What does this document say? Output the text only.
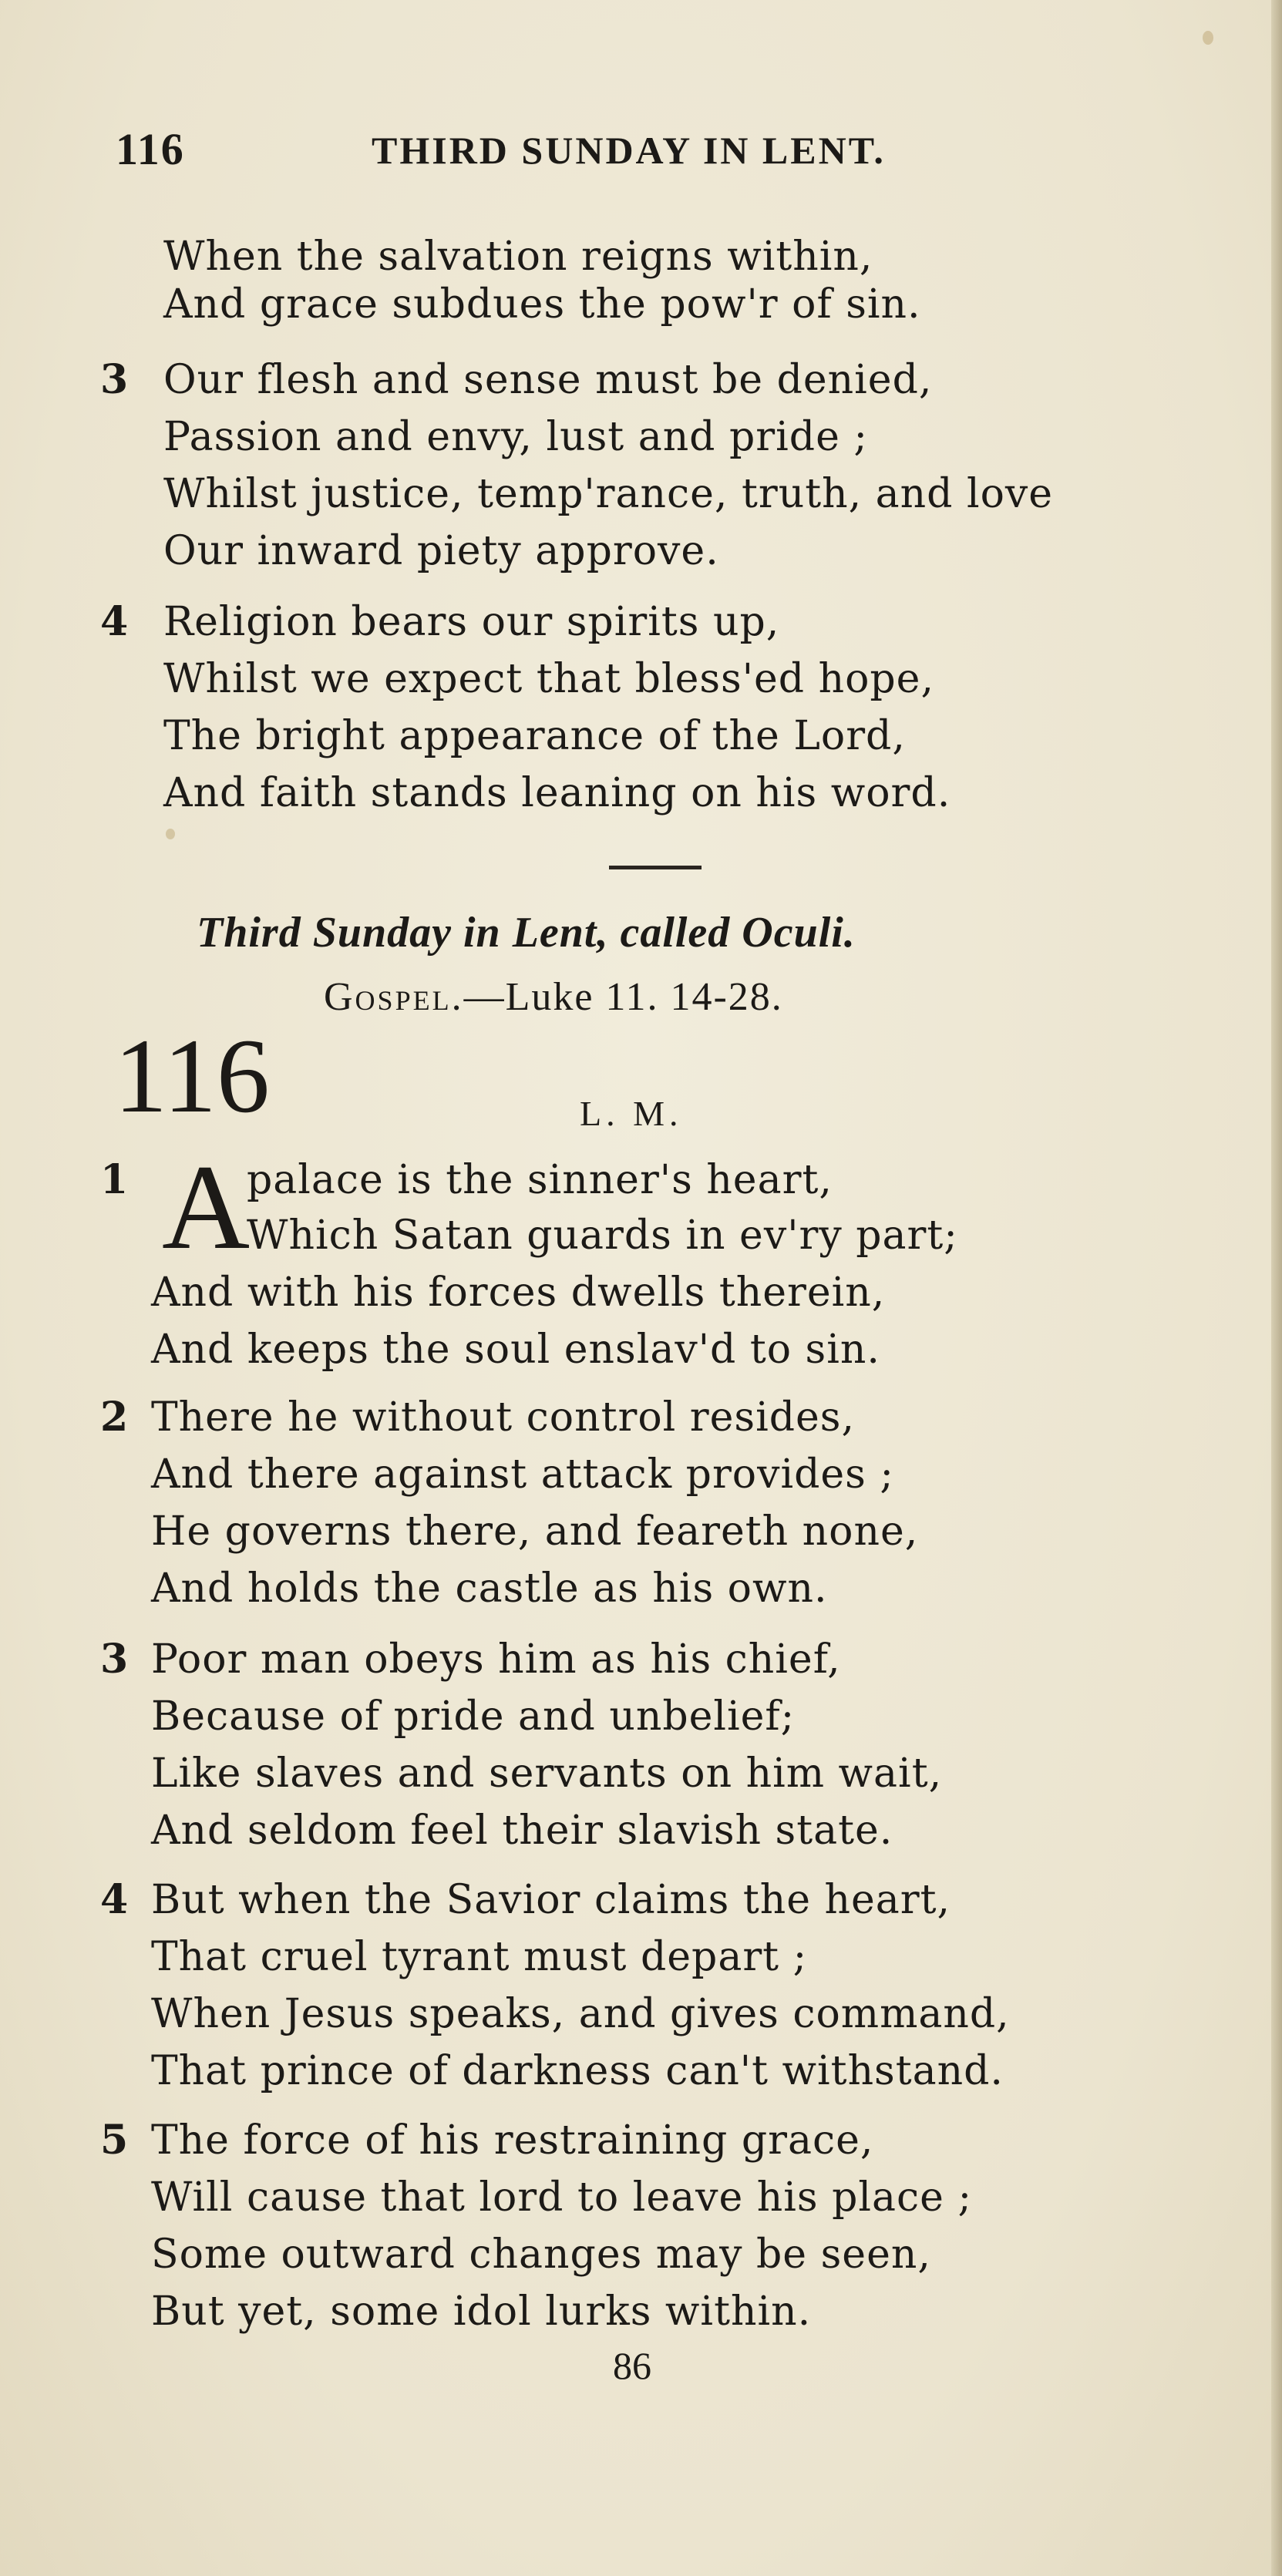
116	THIRD SUNDAY IN LENT.
When the salvation reigns within,
And grace subdues the pow'r of sin.
3 Our flesh and sense must be denied,
Passion and envy, lust and pride ;
Whilst justice, temp'rance, truth, and love
Our inward piety approve.
4 Religion bears our spirits up,
Whilst we expect that bless'ed hope,
The bright appearance of the Lord,
And faith stands leaning on his word.
Third Sunday in Lent, called Oculi.
Gospel.—Luke 11. 14-28.
116	L. M.
1 A
palace is the sinner's heart,
Which Satan guards in ev'ry part;
And with his forces dwells therein,
And keeps the soul enslav'd to sin.
2 There he without control resides,
And there against attack provides ;
He governs there, and feareth none,
And holds the castle as his own.
3 Poor man obeys him as his chief,
Because of pride and unbelief;
Like slaves and servants on him wait,
And seldom feel their slavish state.
4 But when the Savior claims the heart,
That cruel tyrant must depart ;
When Jesus speaks, and gives command,
That prince of darkness can't withstand.
5 The force of his restraining grace,
Will cause that lord to leave his place ;
Some outward changes may be seen,
But yet, some idol lurks within.
86
